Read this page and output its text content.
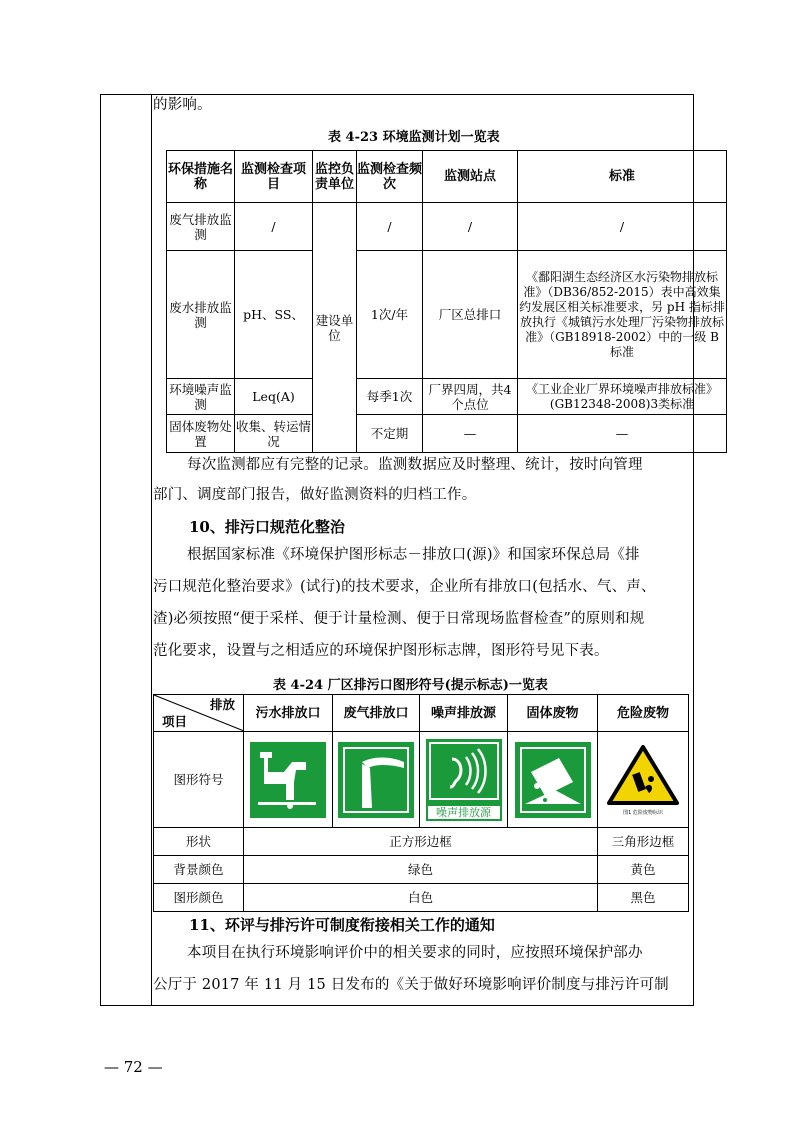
的影响。
表 4-23 环境监测计划一览表
环保措施名称	监测检查项目	监控负责单位	监测检查频次	监测站点	标准
废气排放监测	/	建设单位	/	/	/
废水排放监测	pH、SS、		1次/年	厂区总排口	《鄱阳湖生态经济区水污染物排放标准》（DB36/852-2015）表中高效集约发展区相关标准要求，另 pH 指标排放执行《城镇污水处理厂污染物排放标准》（GB18918-2002）中的一级 B 标准
环境噪声监测	Leq(A)		每季1次	厂界四周，共4个点位	《工业企业厂界环境噪声排放标准》(GB12348-2008)3类标准
固体废物处置	收集、转运情况		不定期	—	—
每次监测都应有完整的记录。监测数据应及时整理、统计，按时向管理
部门、调度部门报告，做好监测资料的归档工作。
10、排污口规范化整治
根据国家标准《环境保护图形标志－排放口(源)》和国家环保总局《排
污口规范化整治要求》(试行)的技术要求，企业所有排放口(包括水、气、声、
渣)必须按照“便于采样、便于计量检测、便于日常现场监督检查”的原则和规
范化要求，设置与之相适应的环境保护图形标志牌，图形符号见下表。
表 4-24 厂区排污口图形符号(提示标志)一览表
排放
项目	污水排放口	废气排放口	噪声排放源	固体废物	危险废物
图形符号			噪声排放源		图1 危险废物标识

形状	正方形边框				三角形边框
背景颜色	绿色				黄色
图形颜色	白色				黑色
11、环评与排污许可制度衔接相关工作的通知
本项目在执行环境影响评价中的相关要求的同时，应按照环境保护部办
公厅于 2017 年 11 月 15 日发布的《关于做好环境影响评价制度与排污许可制
— 72 —
